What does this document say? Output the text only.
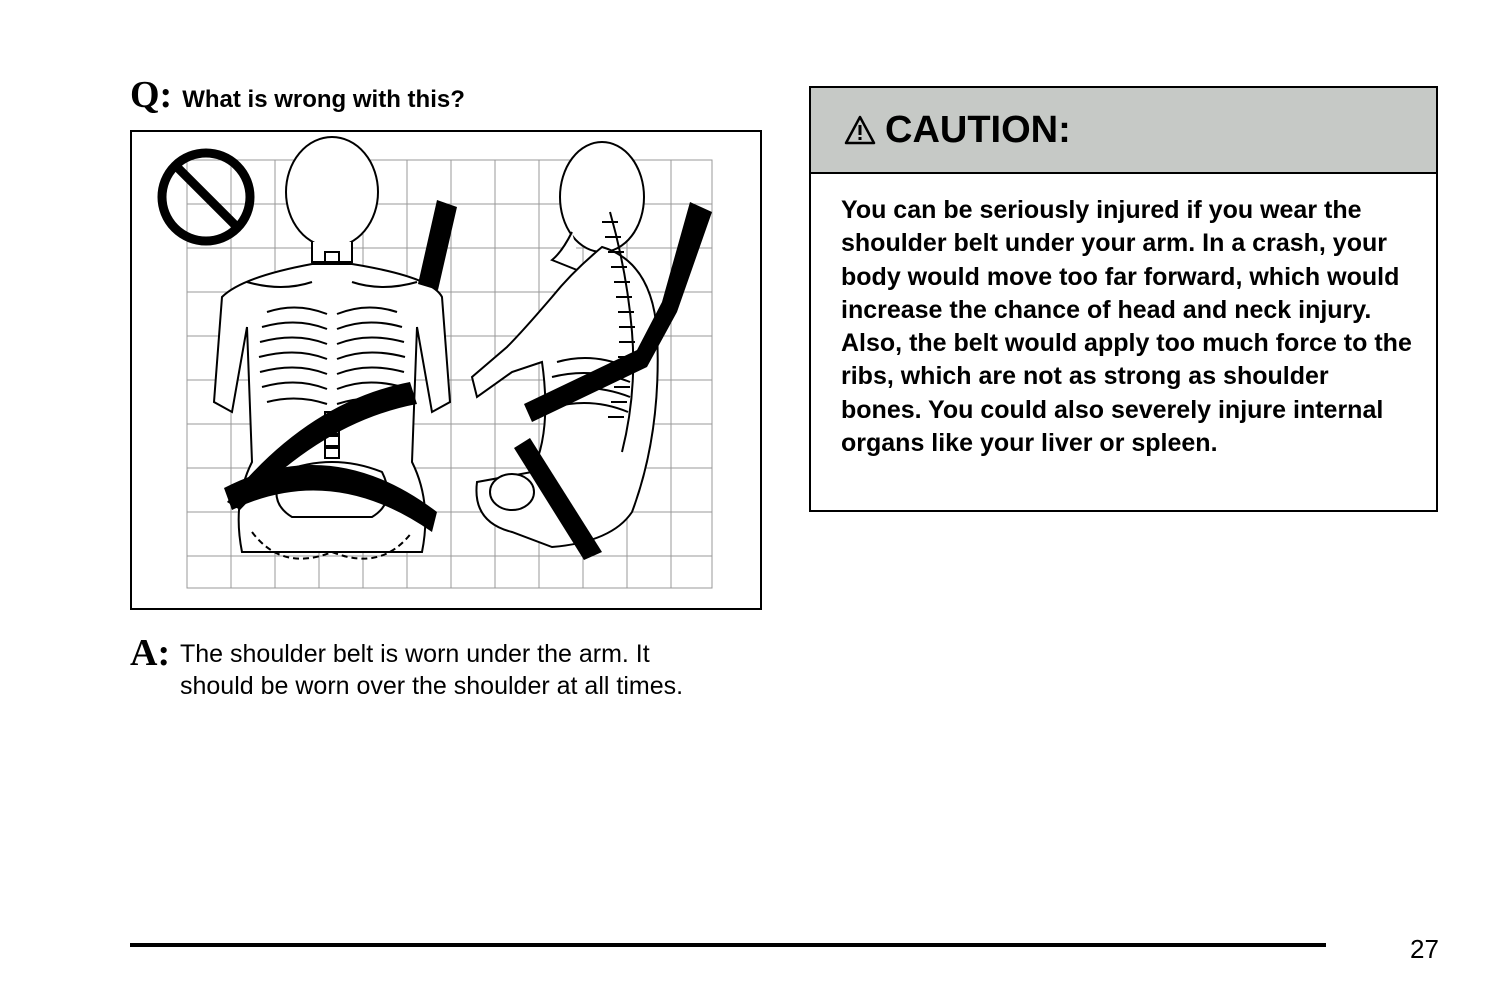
Q: What is wrong with this?
A: The shoulder belt is worn under the arm. It should be worn over the shoulder at all times.
CAUTION:
You can be seriously injured if you wear the shoulder belt under your arm. In a crash, your body would move too far forward, which would increase the chance of head and neck injury. Also, the belt would apply too much force to the ribs, which are not as strong as shoulder bones. You could also severely injure internal organs like your liver or spleen.
27
